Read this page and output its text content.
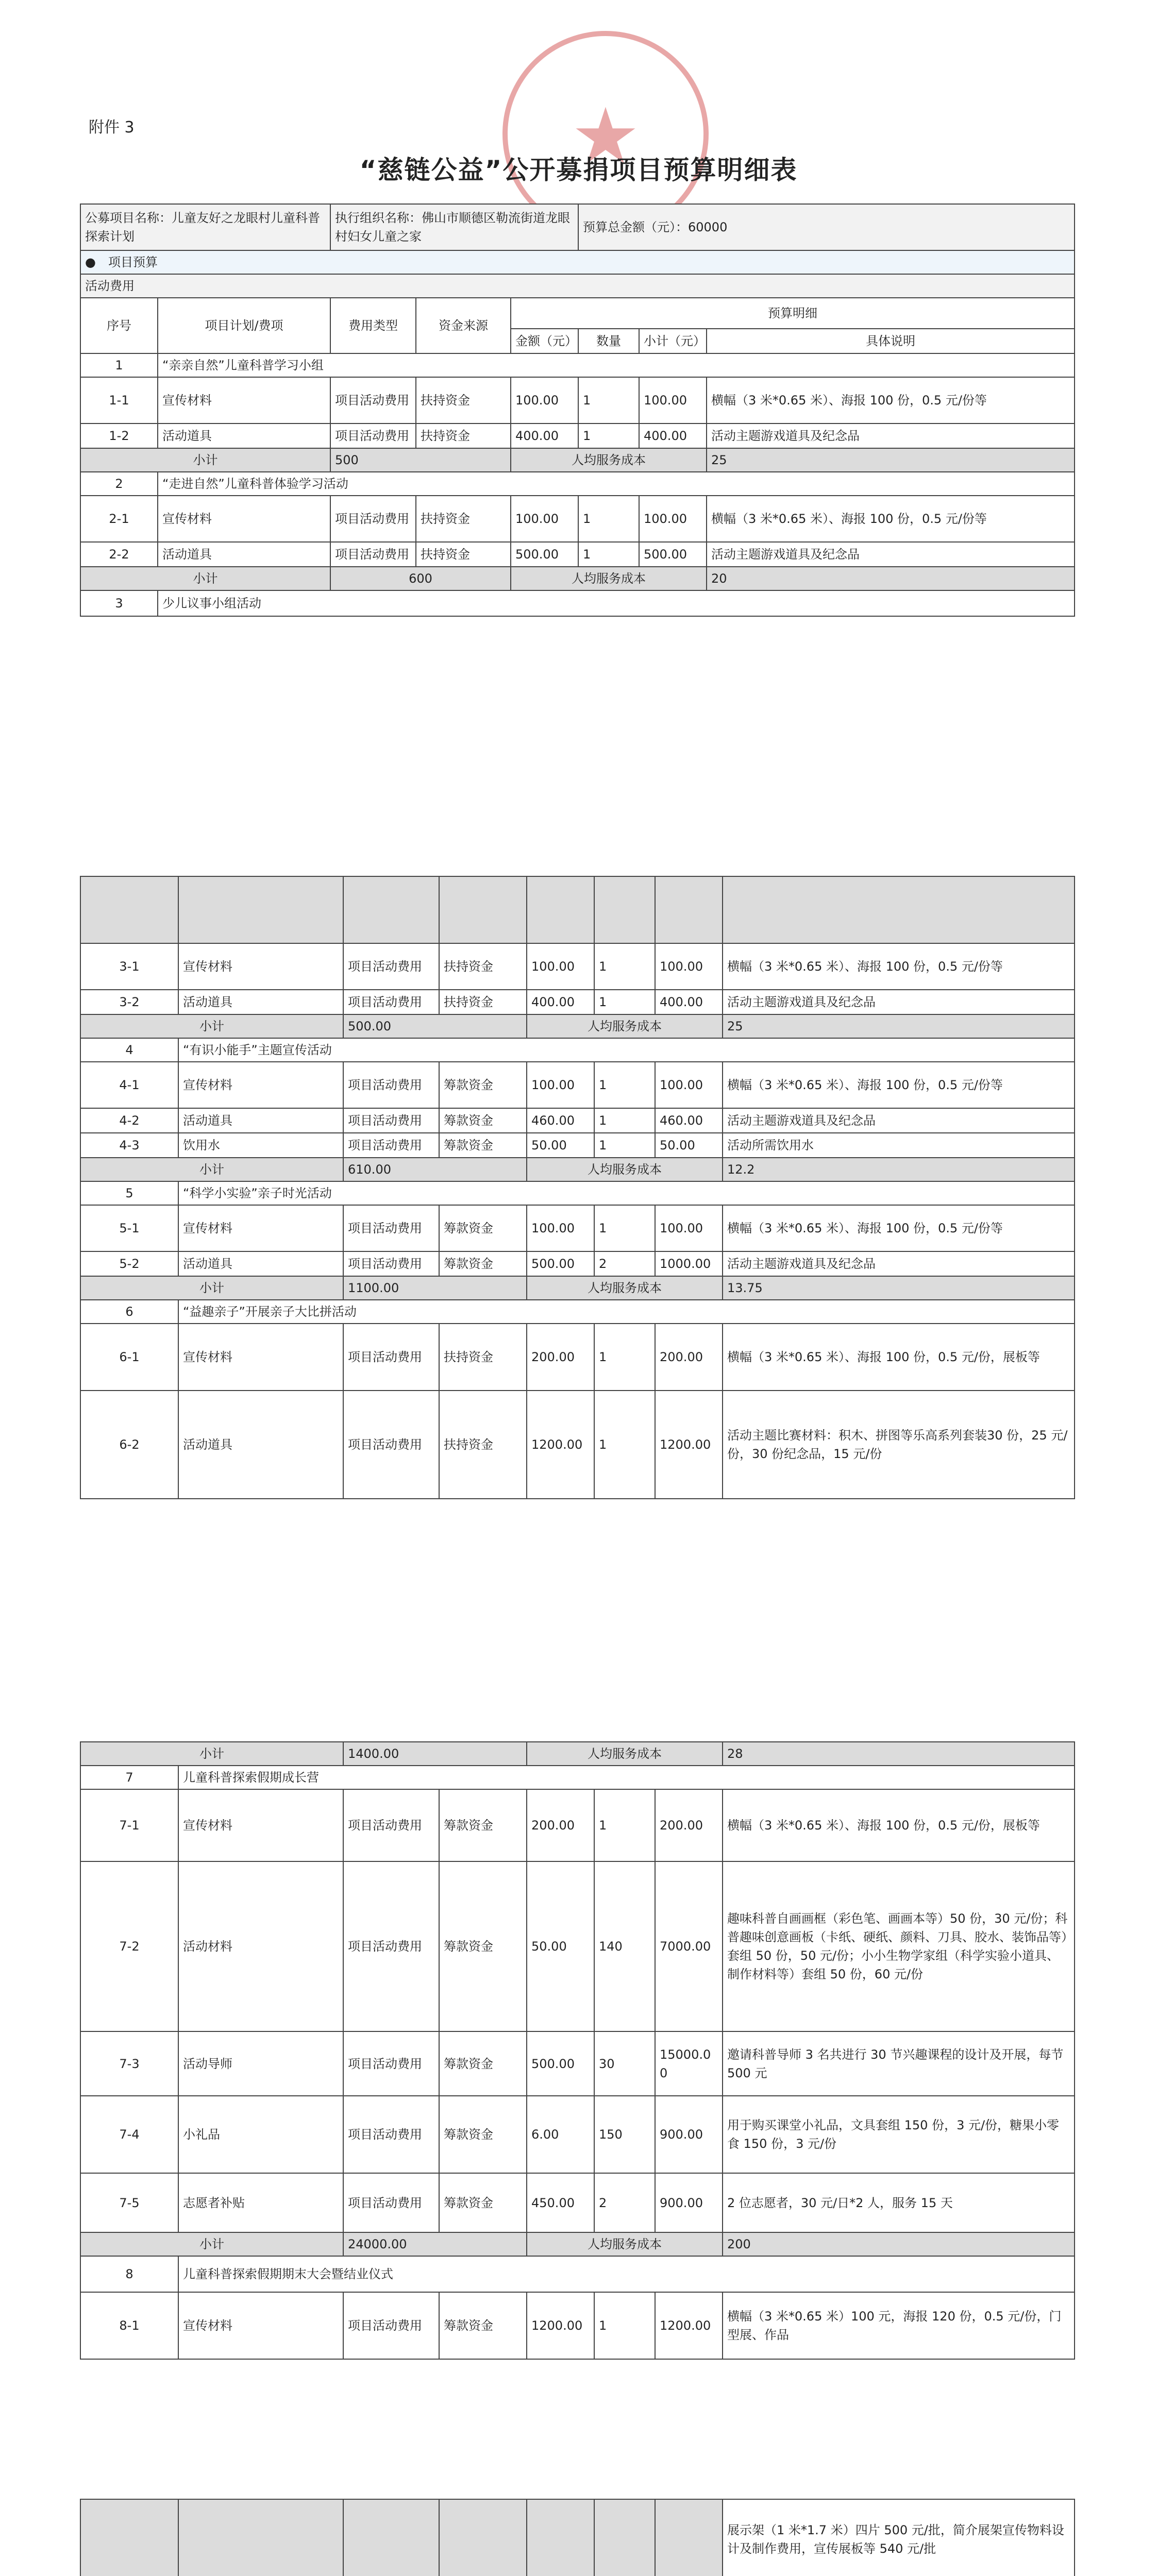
附件 3	★
“慈链公益”公开募捐项目预算明细表
公募项目名称：儿童友好之龙眼村儿童科普探索计划		执行组织名称：佛山市顺德区勒流街道龙眼村妇女儿童之家			预算总金额（元）：60000		
●　项目预算							
活动费用							
序号	项目计划/费项	费用类型	资金来源	预算明细			
				金额（元）	数量	小计（元）	具体说明
1	“亲亲自然”儿童科普学习小组						
1-1	宣传材料	项目活动费用	扶持资金	100.00	1	100.00	横幅（3 米*0.65 米）、海报 100 份，0.5 元/份等
1-2	活动道具	项目活动费用	扶持资金	400.00	1	400.00	活动主题游戏道具及纪念品
小计		500		人均服务成本			25
2	“走进自然”儿童科普体验学习活动						
2-1	宣传材料	项目活动费用	扶持资金	100.00	1	100.00	横幅（3 米*0.65 米）、海报 100 份，0.5 元/份等
2-2	活动道具	项目活动费用	扶持资金	500.00	1	500.00	活动主题游戏道具及纪念品
小计		600		人均服务成本			20
3	少儿议事小组活动						

3-1	宣传材料	项目活动费用	扶持资金	100.00	1	100.00	横幅（3 米*0.65 米）、海报 100 份，0.5 元/份等
3-2	活动道具	项目活动费用	扶持资金	400.00	1	400.00	活动主题游戏道具及纪念品
小计		500.00		人均服务成本			25
4	“有识小能手”主题宣传活动						
4-1	宣传材料	项目活动费用	筹款资金	100.00	1	100.00	横幅（3 米*0.65 米）、海报 100 份，0.5 元/份等
4-2	活动道具	项目活动费用	筹款资金	460.00	1	460.00	活动主题游戏道具及纪念品
4-3	饮用水	项目活动费用	筹款资金	50.00	1	50.00	活动所需饮用水
小计		610.00		人均服务成本			12.2
5	“科学小实验”亲子时光活动						
5-1	宣传材料	项目活动费用	筹款资金	100.00	1	100.00	横幅（3 米*0.65 米）、海报 100 份，0.5 元/份等
5-2	活动道具	项目活动费用	筹款资金	500.00	2	1000.00	活动主题游戏道具及纪念品
小计		1100.00		人均服务成本			13.75
6	“益趣亲子”开展亲子大比拼活动						
6-1	宣传材料	项目活动费用	扶持资金	200.00	1	200.00	横幅（3 米*0.65 米）、海报 100 份，0.5 元/份，展板等
6-2	活动道具	项目活动费用	扶持资金	1200.00	1	1200.00	活动主题比赛材料：积木、拼图等乐高系列套装30 份，25 元/份，30 份纪念品，15 元/份
小计		1400.00		人均服务成本			28
7	儿童科普探索假期成长营						
7-1	宣传材料	项目活动费用	筹款资金	200.00	1	200.00	横幅（3 米*0.65 米）、海报 100 份，0.5 元/份，展板等
7-2	活动材料	项目活动费用	筹款资金	50.00	140	7000.00	趣味科普自画画框（彩色笔、画画本等）50 份，30 元/份；科普趣味创意画板（卡纸、硬纸、颜料、刀具、胶水、装饰品等）套组 50 份，50 元/份；小小生物学家组（科学实验小道具、制作材料等）套组 50 份，60 元/份
7-3	活动导师	项目活动费用	筹款资金	500.00	30	15000.00	邀请科普导师 3 名共进行 30 节兴趣课程的设计及开展，每节 500 元
7-4	小礼品	项目活动费用	筹款资金	6.00	150	900.00	用于购买课堂小礼品，文具套组 150 份，3 元/份，糖果小零食 150 份，3 元/份
7-5	志愿者补贴	项目活动费用	筹款资金	450.00	2	900.00	2 位志愿者，30 元/日*2 人，服务 15 天
小计		24000.00		人均服务成本			200
8	儿童科普探索假期期末大会暨结业仪式						
8-1	宣传材料	项目活动费用	筹款资金	1200.00	1	1200.00	横幅（3 米*0.65 米）100 元，海报 120 份，0.5 元/份，门型展、作品
							展示架（1 米*1.7 米）四片 500 元/批，简介展架宣传物料设计及制作费用，宣传展板等 540 元/批
